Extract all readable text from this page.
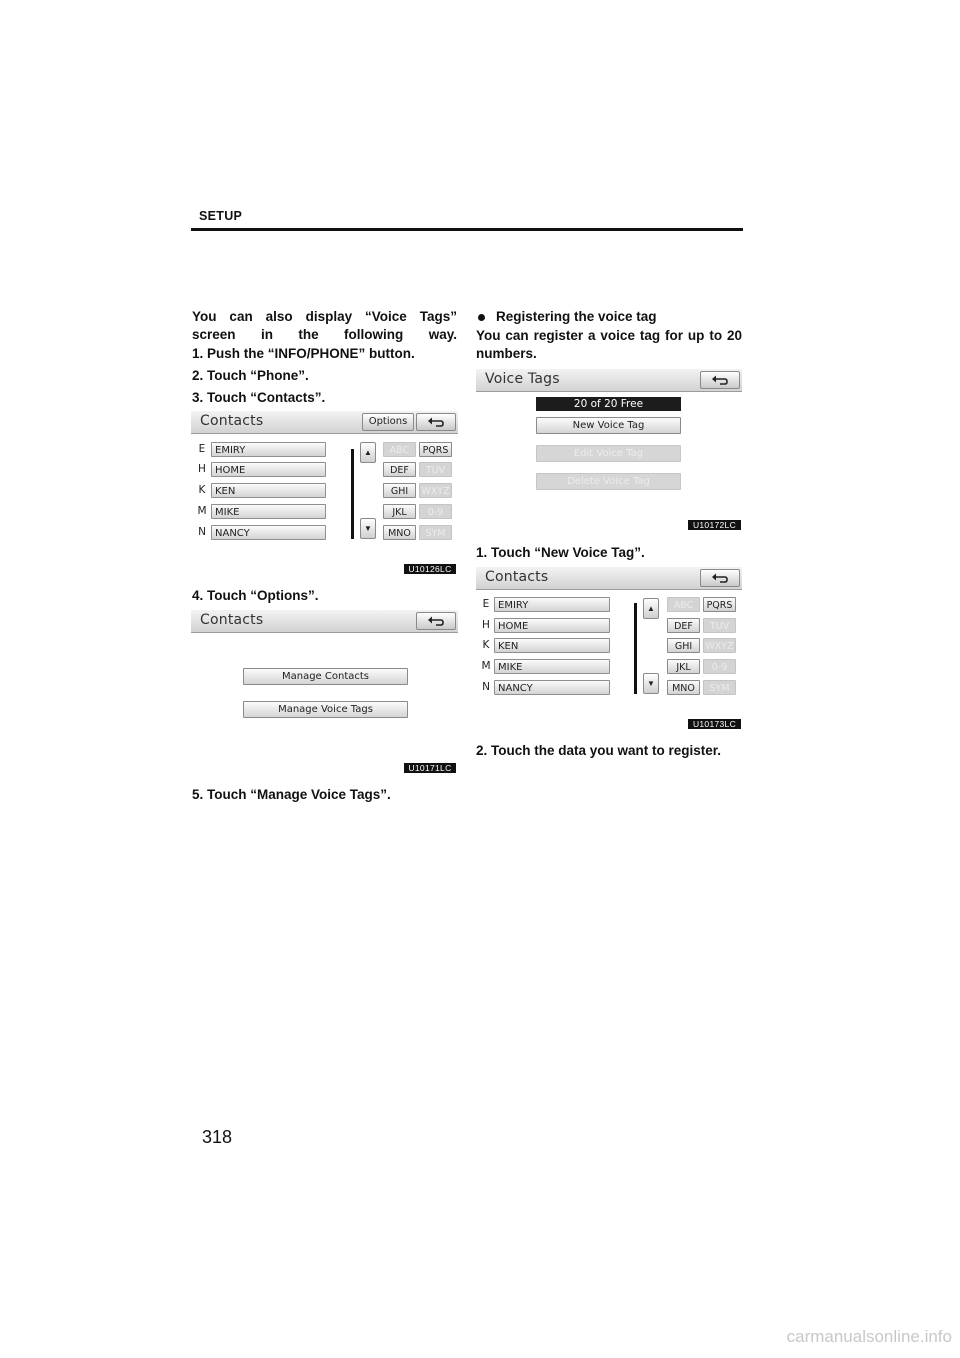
SETUP
You can also display “Voice Tags” screen in the following way.
1. Push the “INFO/PHONE” button.
2. Touch “Phone”.
3. Touch “Contacts”.
Contacts	Options
E
H
K
M
N
EMIRY
HOME
KEN
MIKE
NANCY
▲
▼
ABC
DEF
GHI
JKL
MNO
PQRS
TUV
WXYZ
0-9
SYM
U10126LC
4. Touch “Options”.
Contacts
Manage Contacts
Manage Voice Tags
U10171LC
5. Touch “Manage Voice Tags”.
Registering the voice tag
You can register a voice tag for up to 20 numbers.
Voice Tags
20 of 20 Free
New Voice Tag
Edit Voice Tag
Delete Voice Tag
U10172LC
1. Touch “New Voice Tag”.
Contacts
E
H
K
M
N
EMIRY
HOME
KEN
MIKE
NANCY
▲
▼
ABC
DEF
GHI
JKL
MNO
PQRS
TUV
WXYZ
0-9
SYM
U10173LC
2. Touch the data you want to register.
318
carmanualsonline.info
